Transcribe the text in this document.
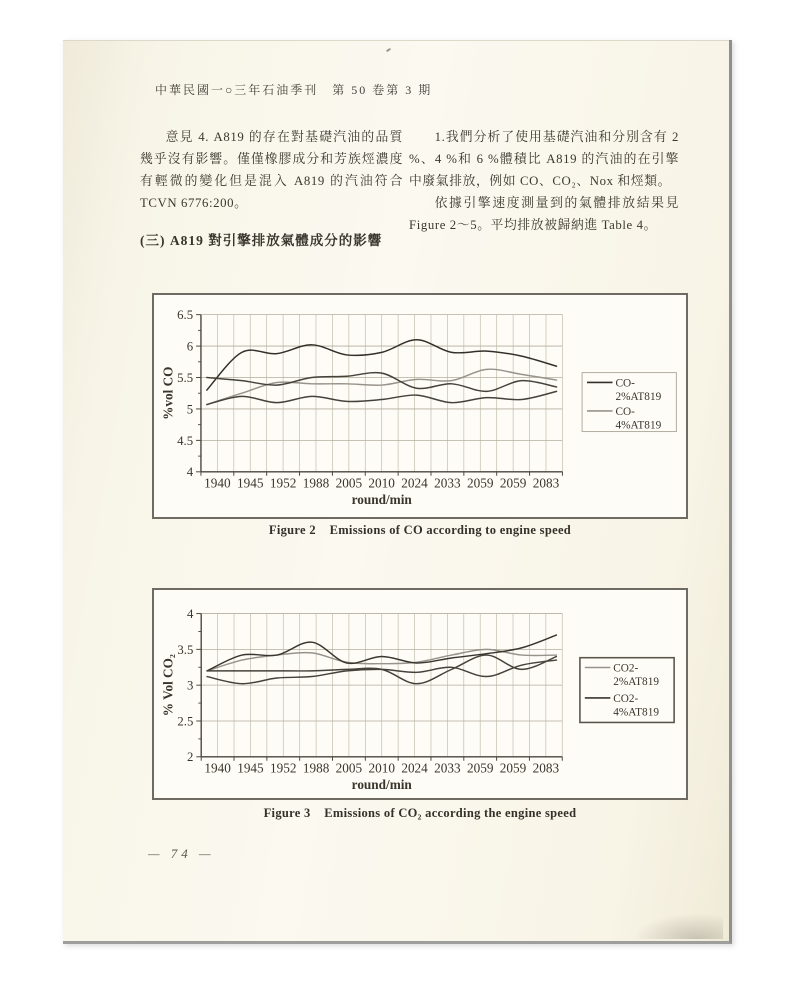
中華民國一○三年石油季刊　第 50 卷第 3 期

意見 4. A819 的存在對基礎汽油的品質幾乎沒有影響。僅僅橡膠成分和芳族烴濃度有輕微的變化但是混入 A819 的汽油符合 TCVN 6776:200。

(三) A819 對引擎排放氣體成分的影響

1.我們分析了使用基礎汽油和分別含有 2 %、4 %和 6 %體積比 A819 的汽油的在引擎中廢氣排放，例如 CO、CO₂、Nox 和烴類。

依據引擎速度測量到的氣體排放結果見 Figure 2～5。平均排放被歸納進 Table 4。

6.5
6
5.5
5
4.5
4
1940 1945 1952 1988 2005 2010 2024 2033 2059 2059 2083
round/min
%vol CO	CO-
2%AT819
CO-
4%AT819
Figure 2    Emissions of CO according to engine speed
4
3.5
3
2.5
2
1940 1945 1952 1988 2005 2010 2024 2033 2059 2059 2083
round/min
% Vol CO₂	CO2-
2%AT819
CO2-
4%AT819
Figure 3    Emissions of CO₂ according the engine speed
— 74 —
